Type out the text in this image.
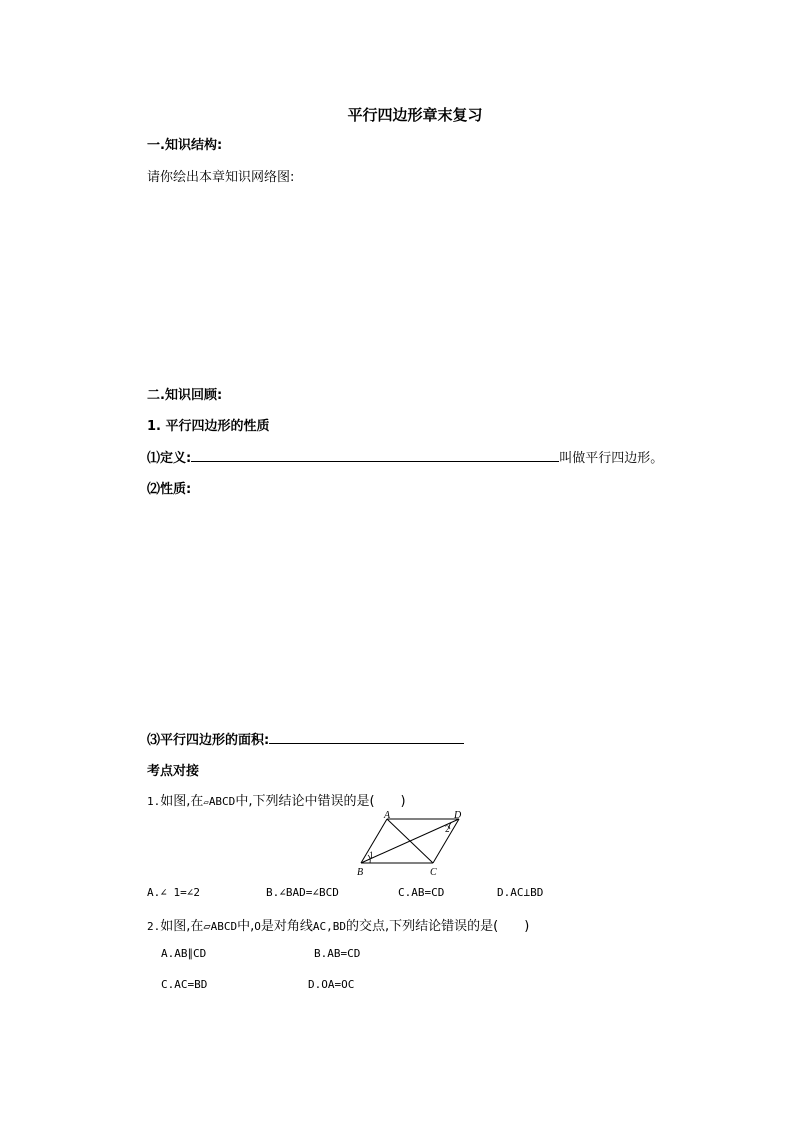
平行四边形章末复习
一.知识结构:
请你绘出本章知识网络图:
二.知识回顾:
1. 平行四边形的性质
⑴定义:	叫做平行四边形。
⑵性质:
⑶平行四边形的面积:
考点对接
1.如图,在▱ABCD中,下列结论中错误的是( )
A	D
B	C
1
2
A.∠ 1=∠2	B.∠BAD=∠BCD	C.AB=CD	D.AC⊥BD
2.如图,在▱ABCD中,O是对角线AC,BD的交点,下列结论错误的是( )
A.AB∥CD	B.AB=CD
C.AC=BD	D.OA=OC
